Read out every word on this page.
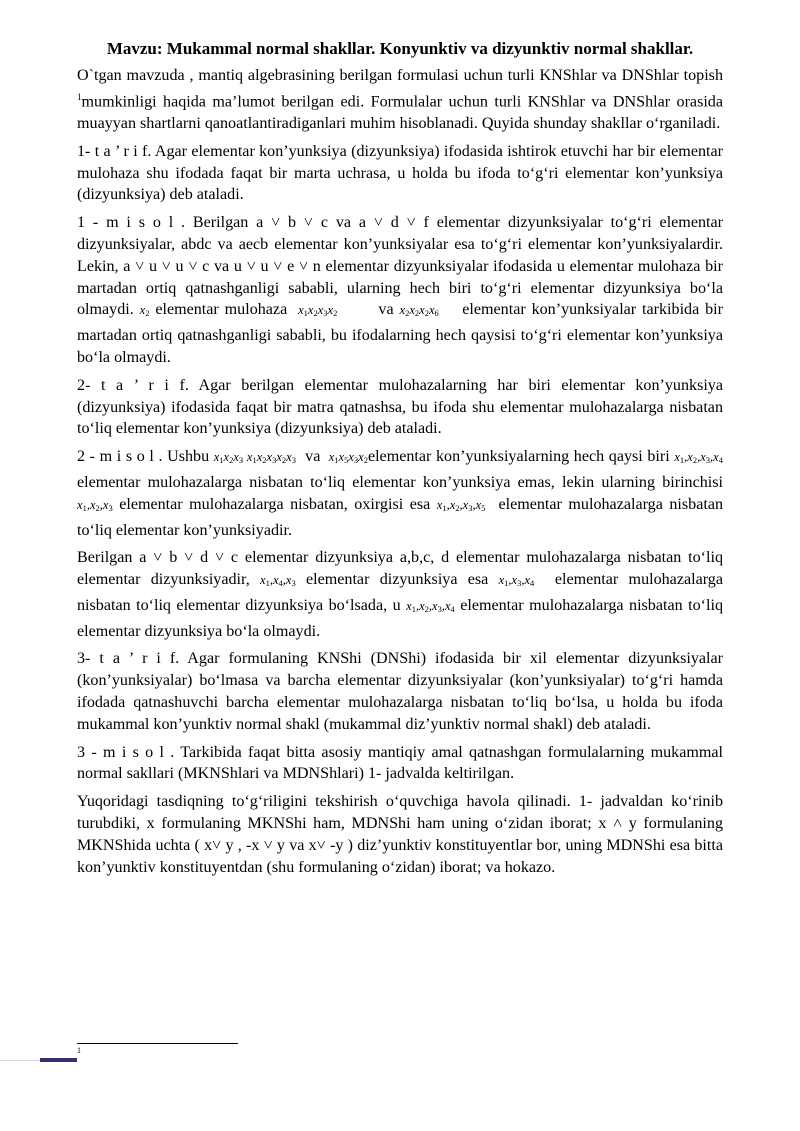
Mavzu: Mukammal normal shakllar. Konyunktiv va dizyunktiv normal shakllar.

O`tgan mavzuda , mantiq algebrasining berilgan formulasi uchun turli KNShlar va DNShlar topish $^1$mumkinligi haqida ma’lumot berilgan edi. Formulalar uchun turli KNShlar va DNShlar orasida muayyan shartlarni qanoatlantiradiganlari muhim hisoblanadi. Quyida shunday shakllar o‘rganiladi.

1- t a ’ r i f. Agar elementar kon’yunksiya (dizyunksiya) ifodasida ishtirok etuvchi har bir elementar mulohaza shu ifodada faqat bir marta uchrasa, u holda bu ifoda to‘g‘ri elementar kon’yunksiya (dizyunksiya) deb ataladi.

1 - m i s o l . Berilgan a ˅ b ˅ c va a ˅ d ˅ f elementar dizyunksiyalar to‘g‘ri elementar dizyunksiyalar, abdc va aecb elementar kon’yunksiyalar esa to‘g‘ri elementar kon’yunksiyalardir. Lekin, a ˅ u ˅ u ˅ c va u ˅ u ˅ e ˅ n elementar dizyunksiyalar ifodasida u elementar mulohaza bir martadan ortiq qatnashganligi sababli, ularning hech biri to‘g‘ri elementar dizyunksiya bo‘la olmaydi. $x_2$ elementar mulohaza  $x_1x_2x_3x_2$       va $x_2x_2x_2x_6$    elementar kon’yunksiyalar tarkibida bir martadan ortiq qatnashganligi sababli, bu ifodalarning hech qaysisi to‘g‘ri elementar kon’yunksiya bo‘la olmaydi.

2- t a ’ r i f. Agar berilgan elementar mulohazalarning har biri elementar kon’yunksiya (dizyunksiya) ifodasida faqat bir matra qatnashsa, bu ifoda shu elementar mulohazalarga nisbatan to‘liq elementar kon’yunksiya (dizyunksiya) deb ataladi.

2 - m i s o l . Ushbu $x_1x_2x_3$ $x_1x_2x_3x_2x_3$  va  $x_1x_5x_3x_2elementar$ kon’yunksiyalarning hech qaysi biri $x_1,x_2,x_3,x_4$ elementar mulohazalarga nisbatan to‘liq elementar kon’yunksiya emas, lekin ularning birinchisi $x_1,x_2,x_3$ elementar mulohazalarga nisbatan, oxirgisi esa $x_1,x_2,x_3,x_5$  elementar mulohazalarga nisbatan to‘liq elementar kon’yunksiyadir.

Berilgan a ˅ b ˅ d ˅ c elementar dizyunksiya a,b,c, d elementar mulohazalarga nisbatan to‘liq elementar dizyunksiyadir, $x_1,x_4,x_3$ elementar dizyunksiya esa $x_1,x_3,x_4$  elementar mulohazalarga nisbatan to‘liq elementar dizyunksiya bo‘lsada, u $x_1,x_2,x_3,x_4$ elementar mulohazalarga nisbatan to‘liq elementar dizyunksiya bo‘la olmaydi.

3- t a ’ r i f. Agar formulaning KNShi (DNShi) ifodasida bir xil elementar dizyunksiyalar (kon’yunksiyalar) bo‘lmasa va barcha elementar dizyunksiyalar (kon’yunksiyalar) to‘g‘ri hamda ifodada qatnashuvchi barcha elementar mulohazalarga nisbatan to‘liq bo‘lsa, u holda bu ifoda mukammal kon’yunktiv normal shakl (mukammal diz’yunktiv normal shakl) deb ataladi.

3 - m i s o l . Tarkibida faqat bitta asosiy mantiqiy amal qatnashgan formulalarning mukammal normal sakllari (MKNShlari va MDNShlari) 1- jadvalda keltirilgan.

Yuqoridagi tasdiqning to‘g‘riligini tekshirish o‘quvchiga havola qilinadi. 1- jadvaldan ko‘rinib turubdiki, x formulaning MKNShi ham, MDNShi ham uning o‘zidan iborat; x ˄ y formulaning MKNShida uchta ( x˅ y , -x ˅ y va x˅ -y ) diz’yunktiv konstituyentlar bor, uning MDNShi esa bitta kon’yunktiv konstituyentdan (shu formulaning o‘zidan) iborat; va hokazo.

1
